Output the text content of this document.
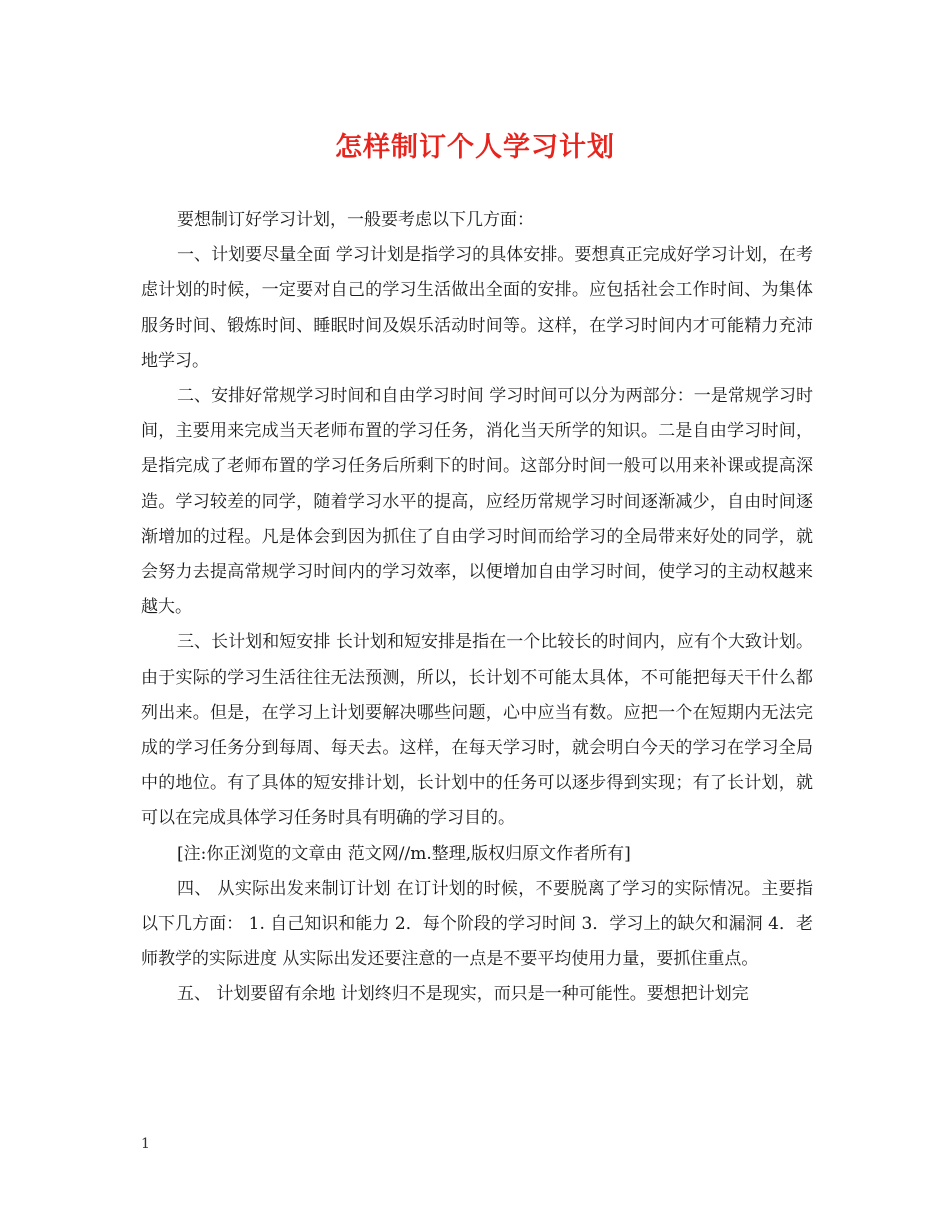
怎样制订个人学习计划

要想制订好学习计划，一般要考虑以下几方面：

一、计划要尽量全面 学习计划是指学习的具体安排。要想真正完成好学习计划，在考虑计划的时候，一定要对自己的学习生活做出全面的安排。应包括社会工作时间、为集体服务时间、锻炼时间、睡眠时间及娱乐活动时间等。这样，在学习时间内才可能精力充沛地学习。

二、安排好常规学习时间和自由学习时间 学习时间可以分为两部分：一是常规学习时间，主要用来完成当天老师布置的学习任务，消化当天所学的知识。二是自由学习时间，是指完成了老师布置的学习任务后所剩下的时间。这部分时间一般可以用来补课或提高深造。学习较差的同学，随着学习水平的提高，应经历常规学习时间逐渐减少，自由时间逐渐增加的过程。凡是体会到因为抓住了自由学习时间而给学习的全局带来好处的同学，就会努力去提高常规学习时间内的学习效率，以便增加自由学习时间，使学习的主动权越来越大。

三、长计划和短安排 长计划和短安排是指在一个比较长的时间内，应有个大致计划。由于实际的学习生活往往无法预测，所以，长计划不可能太具体，不可能把每天干什么都列出来。但是，在学习上计划要解决哪些问题，心中应当有数。应把一个在短期内无法完成的学习任务分到每周、每天去。这样，在每天学习时，就会明白今天的学习在学习全局中的地位。有了具体的短安排计划，长计划中的任务可以逐步得到实现；有了长计划，就可以在完成具体学习任务时具有明确的学习目的。

[注:你正浏览的文章由 范文网//m.整理,版权归原文作者所有]

四、 从实际出发来制订计划 在订计划的时候，不要脱离了学习的实际情况。主要指以下几方面： 1. 自己知识和能力 2．每个阶段的学习时间 3．学习上的缺欠和漏洞 4．老师教学的实际进度 从实际出发还要注意的一点是不要平均使用力量，要抓住重点。

五、 计划要留有余地 计划终归不是现实，而只是一种可能性。要想把计划完

1
